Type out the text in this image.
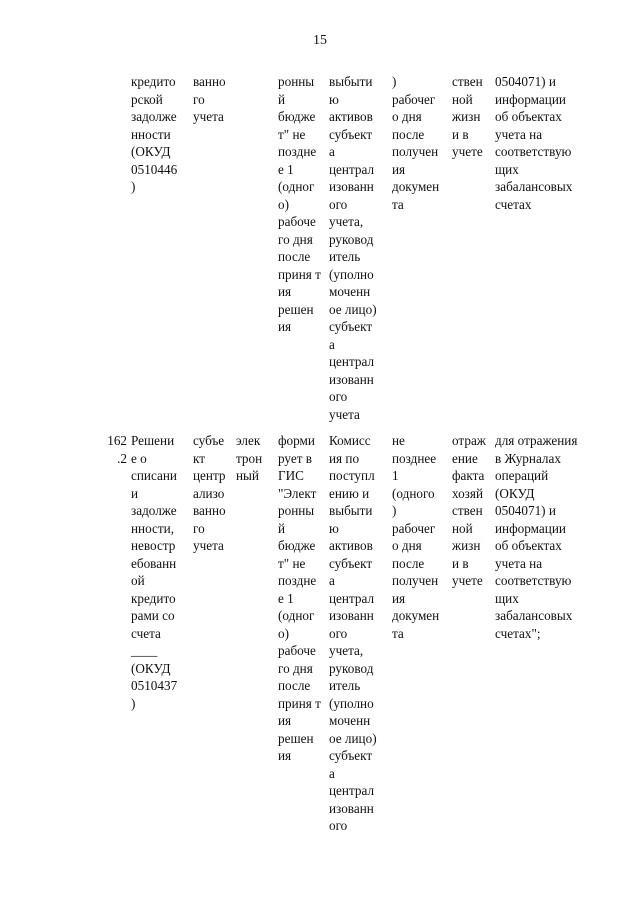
15
кредито
рской
задолже
нности
(ОКУД
0510446
)
ванно
го
учета
ронны
й
бюдже
т" не
поздне
е 1
(одног
о)
рабоче
го дня
после
приня т
ия
решен
ия
выбыти
ю
активов
субъект
а
централ
изованн
ого
учета,
руковод
итель
(уполно
моченн
ое лицо)
субъект
а
централ
изованн
ого
учета
)
рабочег
о дня
после
получен
ия
докумен
та
ствен
ной
жизн
и в
учете
0504071) и
информации
об объектах
учета на
соответствую
щих
забалансовых
счетах
162
.2
Решени
е о
списани
и
задолже
нности,
невостр
ебованн
ой
кредито
рами со
счета
____
(ОКУД
0510437
)
субъе
кт
центр
ализо
ванно
го
учета
элек
трон
ный
форми
рует в
ГИС
"Элект
ронны
й
бюдже
т" не
поздне
е 1
(одног
о)
рабоче
го дня
после
приня т
ия
решен
ия
Комисс
ия по
поступл
ению и
выбыти
ю
активов
субъект
а
централ
изованн
ого
учета,
руковод
итель
(уполно
моченн
ое лицо)
субъект
а
централ
изованн
ого
не
позднее
1
(одного
)
рабочег
о дня
после
получен
ия
докумен
та
отраж
ение
факта
хозяй
ствен
ной
жизн
и в
учете
для отражения
в Журналах
операций
(ОКУД
0504071) и
информации
об объектах
учета на
соответствую
щих
забалансовых
счетах";
